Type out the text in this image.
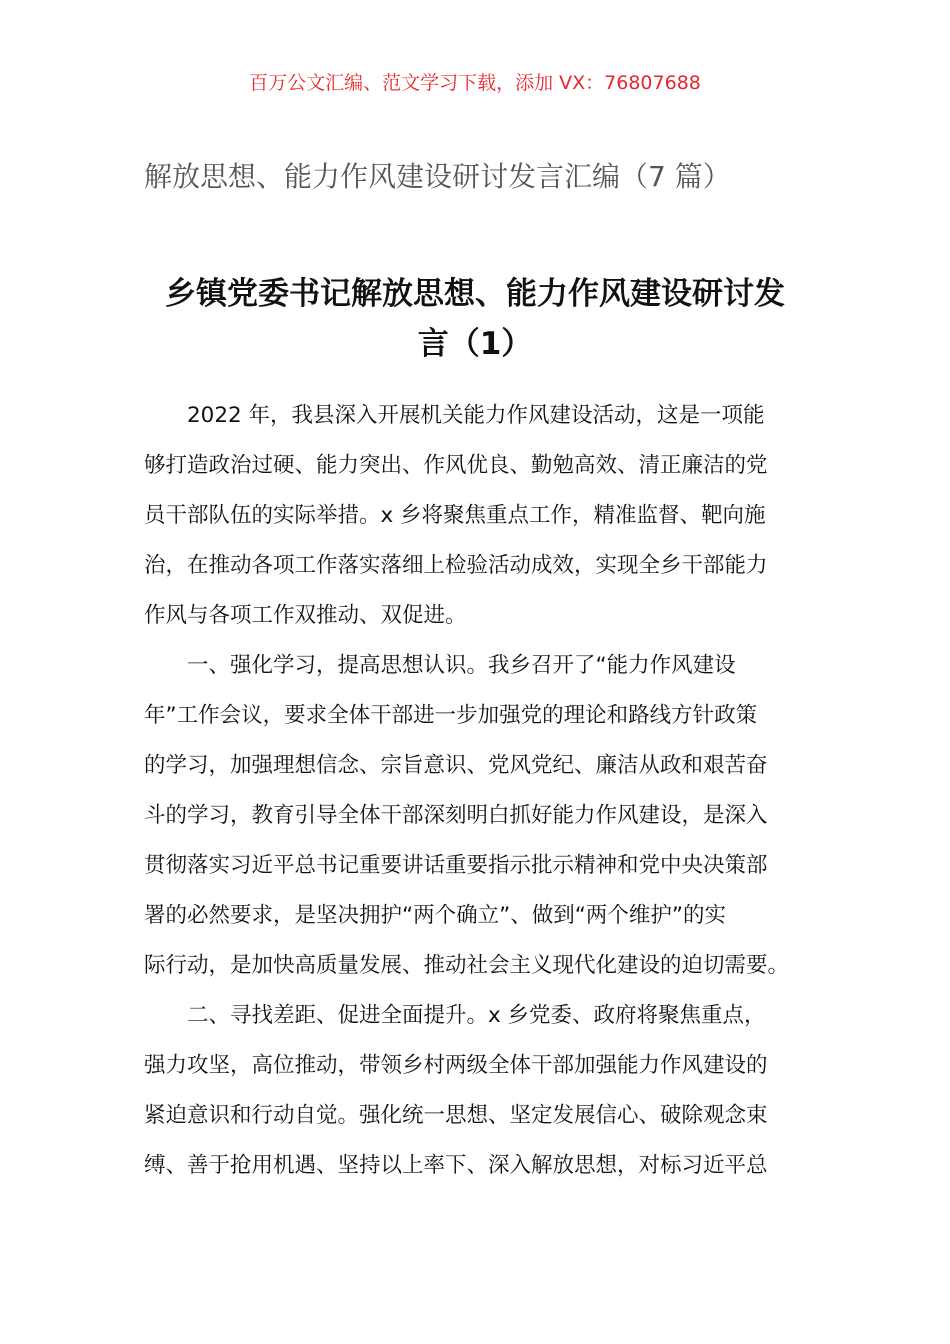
百万公文汇编、范文学习下载，添加 VX：76807688
解放思想、能力作风建设研讨发言汇编（7 篇）
乡镇党委书记解放思想、能力作风建设研讨发
言（1）
　　2022 年，我县深入开展机关能力作风建设活动，这是一项能
够打造政治过硬、能力突出、作风优良、勤勉高效、清正廉洁的党
员干部队伍的实际举措。x 乡将聚焦重点工作，精准监督、靶向施
治，在推动各项工作落实落细上检验活动成效，实现全乡干部能力
作风与各项工作双推动、双促进。
　　一、强化学习，提高思想认识。我乡召开了“能力作风建设
年”工作会议，要求全体干部进一步加强党的理论和路线方针政策
的学习，加强理想信念、宗旨意识、党风党纪、廉洁从政和艰苦奋
斗的学习，教育引导全体干部深刻明白抓好能力作风建设，是深入
贯彻落实习近平总书记重要讲话重要指示批示精神和党中央决策部
署的必然要求，是坚决拥护“两个确立”、做到“两个维护”的实
际行动，是加快高质量发展、推动社会主义现代化建设的迫切需要。
　　二、寻找差距、促进全面提升。x 乡党委、政府将聚焦重点，
强力攻坚，高位推动，带领乡村两级全体干部加强能力作风建设的
紧迫意识和行动自觉。强化统一思想、坚定发展信心、破除观念束
缚、善于抢用机遇、坚持以上率下、深入解放思想，对标习近平总
